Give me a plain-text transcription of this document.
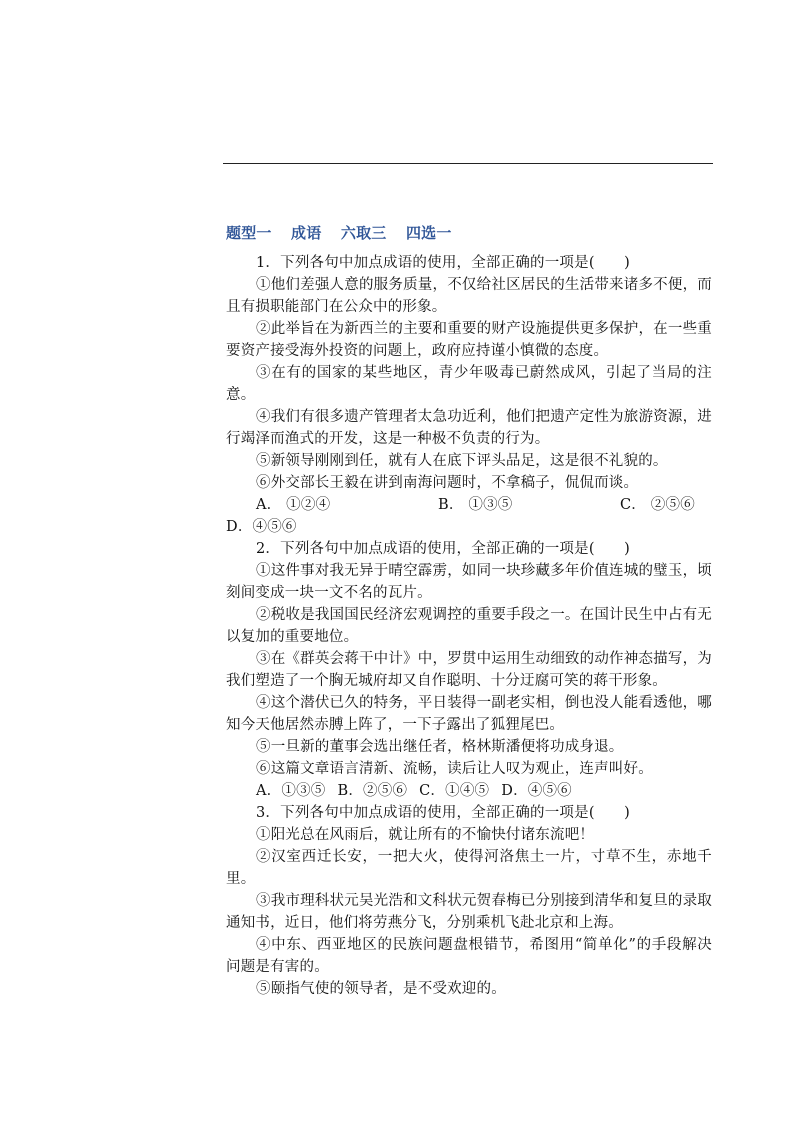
题型一 成语 六取三 四选一

1．下列各句中加点成语的使用，全部正确的一项是(　　)

①他们差强人意的服务质量，不仅给社区居民的生活带来诸多不便，而且有损职能部门在公众中的形象。

②此举旨在为新西兰的主要和重要的财产设施提供更多保护，在一些重要资产接受海外投资的问题上，政府应持谨小慎微的态度。

③在有的国家的某些地区，青少年吸毒已蔚然成风，引起了当局的注意。

④我们有很多遗产管理者太急功近利，他们把遗产定性为旅游资源，进行竭泽而渔式的开发，这是一种极不负责的行为。

⑤新领导刚刚到任，就有人在底下评头品足，这是很不礼貌的。

⑥外交部长王毅在讲到南海问题时，不拿稿子，侃侃而谈。

A． ①②④	B． ①③⑤	C． ②⑤⑥

D．④⑤⑥

2．下列各句中加点成语的使用，全部正确的一项是(　　)

①这件事对我无异于晴空霹雳，如同一块珍藏多年价值连城的璧玉，顷刻间变成一块一文不名的瓦片。

②税收是我国国民经济宏观调控的重要手段之一。在国计民生中占有无以复加的重要地位。

③在《群英会蒋干中计》中，罗贯中运用生动细致的动作神态描写，为我们塑造了一个胸无城府却又自作聪明、十分迂腐可笑的蒋干形象。

④这个潜伏已久的特务，平日装得一副老实相，倒也没人能看透他，哪知今天他居然赤膊上阵了，一下子露出了狐狸尾巴。

⑤一旦新的董事会选出继任者，格林斯潘便将功成身退。

⑥这篇文章语言清新、流畅，读后让人叹为观止，连声叫好。

A．①③⑤ B．②⑤⑥ C．①④⑤ D．④⑤⑥

3．下列各句中加点成语的使用，全部正确的一项是(　　)

①阳光总在风雨后，就让所有的不愉快付诸东流吧！

②汉室西迁长安，一把大火，使得河洛焦土一片，寸草不生，赤地千里。

③我市理科状元吴光浩和文科状元贺春梅已分别接到清华和复旦的录取通知书，近日，他们将劳燕分飞，分别乘机飞赴北京和上海。

④中东、西亚地区的民族问题盘根错节，希图用“简单化”的手段解决问题是有害的。

⑤颐指气使的领导者，是不受欢迎的。
